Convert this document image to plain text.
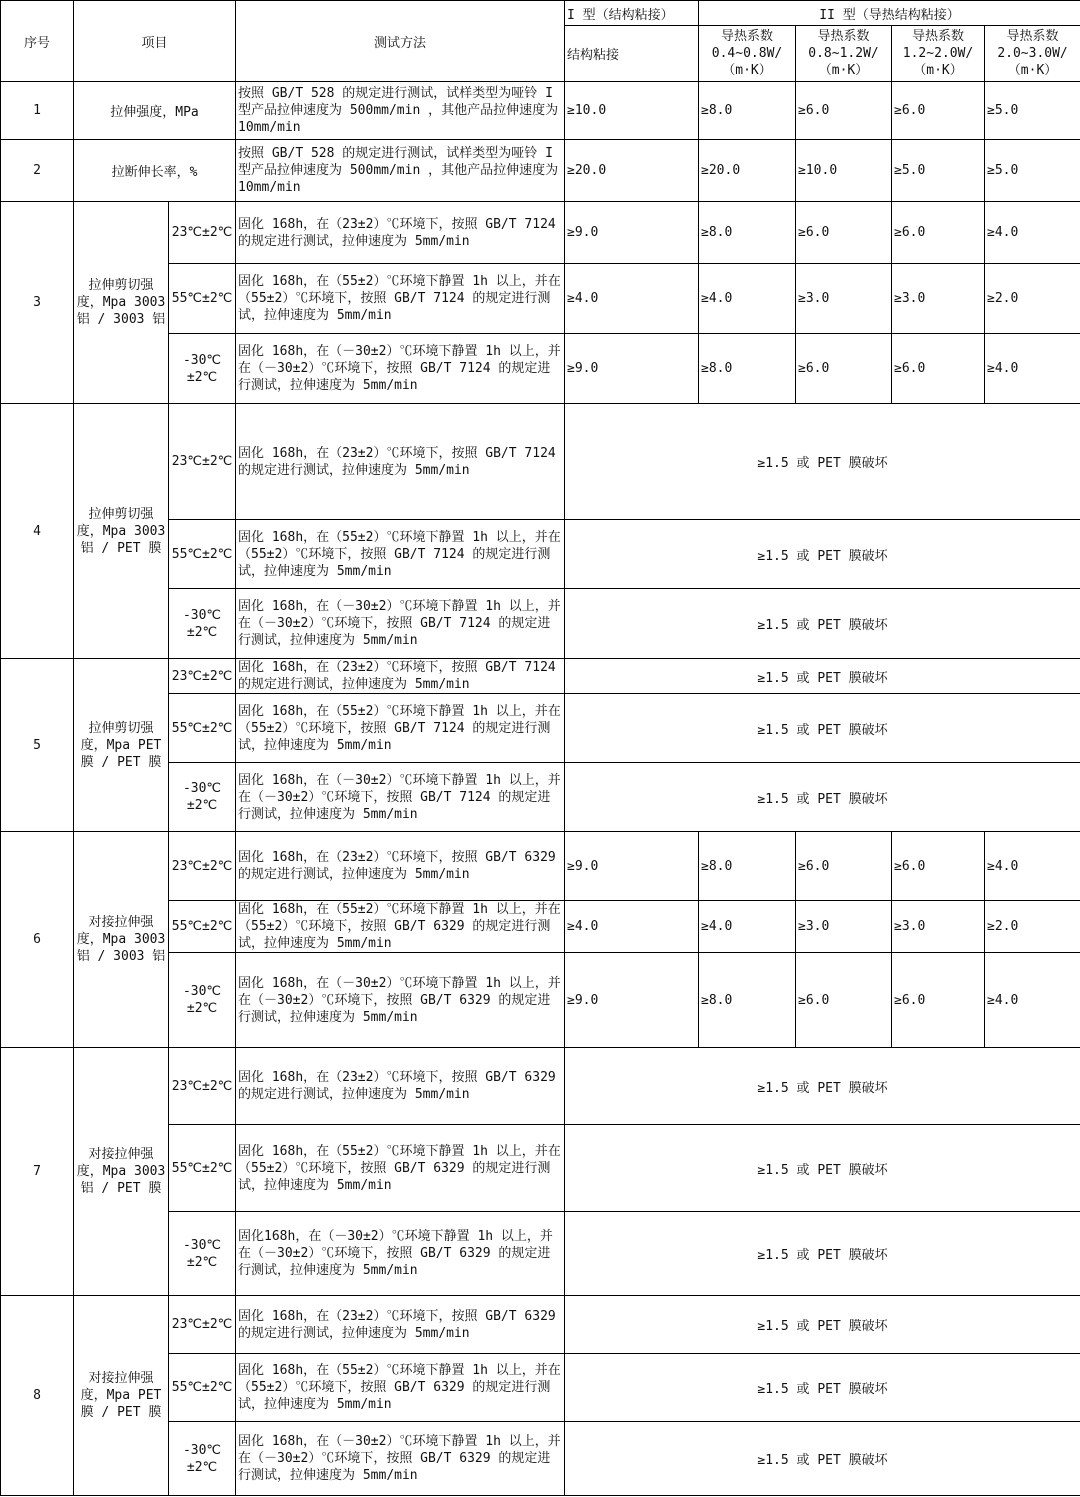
序号	项目		测试方法	I 型（结构粘接）	II 型（导热结构粘接）			
				结构粘接	导热系数 0.4~0.8W/（m·K）	导热系数 0.8~1.2W/（m·K）	导热系数 1.2~2.0W/（m·K）	导热系数 2.0~3.0W/（m·K）
1	拉伸强度，MPa		按照 GB/T 528 的规定进行测试，试样类型为哑铃 I 型产品拉伸速度为 500mm/min ，其他产品拉伸速度为 10mm/min	≥10.0	≥8.0	≥6.0	≥6.0	≥5.0
2	拉断伸长率，%		按照 GB/T 528 的规定进行测试，试样类型为哑铃 I 型产品拉伸速度为 500mm/min ，其他产品拉伸速度为 10mm/min	≥20.0	≥20.0	≥10.0	≥5.0	≥5.0
3	拉伸剪切强度，Mpa 3003 铝 / 3003 铝	23℃±2℃	固化 168h，在（23±2）℃环境下，按照 GB/T 7124 的规定进行测试，拉伸速度为 5mm/min	≥9.0	≥8.0	≥6.0	≥6.0	≥4.0
		55℃±2℃	固化 168h，在（55±2）℃环境下静置 1h 以上，并在（55±2）℃环境下，按照 GB/T 7124 的规定进行测试，拉伸速度为 5mm/min	≥4.0	≥4.0	≥3.0	≥3.0	≥2.0
		-30℃±2℃	固化 168h，在（－30±2）℃环境下静置 1h 以上，并在（－30±2）℃环境下，按照 GB/T 7124 的规定进行测试，拉伸速度为 5mm/min	≥9.0	≥8.0	≥6.0	≥6.0	≥4.0
4	拉伸剪切强度，Mpa 3003 铝 / PET 膜	23℃±2℃	固化 168h，在（23±2）℃环境下，按照 GB/T 7124 的规定进行测试，拉伸速度为 5mm/min	≥1.5 或 PET 膜破坏				
		55℃±2℃	固化 168h，在（55±2）℃环境下静置 1h 以上，并在（55±2）℃环境下，按照 GB/T 7124 的规定进行测试，拉伸速度为 5mm/min	≥1.5 或 PET 膜破坏				
		-30℃±2℃	固化 168h，在（－30±2）℃环境下静置 1h 以上，并在（－30±2）℃环境下，按照 GB/T 7124 的规定进行测试，拉伸速度为 5mm/min	≥1.5 或 PET 膜破坏				
5	拉伸剪切强度，Mpa PET 膜 / PET 膜	23℃±2℃	固化 168h，在（23±2）℃环境下，按照 GB/T 7124 的规定进行测试，拉伸速度为 5mm/min	≥1.5 或 PET 膜破坏				
		55℃±2℃	固化 168h，在（55±2）℃环境下静置 1h 以上，并在（55±2）℃环境下，按照 GB/T 7124 的规定进行测试，拉伸速度为 5mm/min	≥1.5 或 PET 膜破坏				
		-30℃±2℃	固化 168h，在（－30±2）℃环境下静置 1h 以上，并在（－30±2）℃环境下，按照 GB/T 7124 的规定进行测试，拉伸速度为 5mm/min	≥1.5 或 PET 膜破坏				
6	对接拉伸强度，Mpa 3003 铝 / 3003 铝	23℃±2℃	固化 168h，在（23±2）℃环境下，按照 GB/T 6329 的规定进行测试，拉伸速度为 5mm/min	≥9.0	≥8.0	≥6.0	≥6.0	≥4.0
		55℃±2℃	固化 168h，在（55±2）℃环境下静置 1h 以上，并在（55±2）℃环境下，按照 GB/T 6329 的规定进行测试，拉伸速度为 5mm/min	≥4.0	≥4.0	≥3.0	≥3.0	≥2.0
		-30℃±2℃	固化 168h，在（－30±2）℃环境下静置 1h 以上，并在（－30±2）℃环境下，按照 GB/T 6329 的规定进行测试，拉伸速度为 5mm/min	≥9.0	≥8.0	≥6.0	≥6.0	≥4.0
7	对接拉伸强度，Mpa 3003 铝 / PET 膜	23℃±2℃	固化 168h，在（23±2）℃环境下，按照 GB/T 6329 的规定进行测试，拉伸速度为 5mm/min	≥1.5 或 PET 膜破坏				
		55℃±2℃	固化 168h，在（55±2）℃环境下静置 1h 以上，并在（55±2）℃环境下，按照 GB/T 6329 的规定进行测试，拉伸速度为 5mm/min	≥1.5 或 PET 膜破坏				
		-30℃±2℃	固化168h，在（－30±2）℃环境下静置 1h 以上，并在（－30±2）℃环境下，按照 GB/T 6329 的规定进行测试，拉伸速度为 5mm/min	≥1.5 或 PET 膜破坏				
8	对接拉伸强度，Mpa PET 膜 / PET 膜	23℃±2℃	固化 168h，在（23±2）℃环境下，按照 GB/T 6329 的规定进行测试，拉伸速度为 5mm/min	≥1.5 或 PET 膜破坏				
		55℃±2℃	固化 168h，在（55±2）℃环境下静置 1h 以上，并在（55±2）℃环境下，按照 GB/T 6329 的规定进行测试，拉伸速度为 5mm/min	≥1.5 或 PET 膜破坏				
		-30℃±2℃	固化 168h，在（－30±2）℃环境下静置 1h 以上，并在（－30±2）℃环境下，按照 GB/T 6329 的规定进行测试，拉伸速度为 5mm/min	≥1.5 或 PET 膜破坏				
